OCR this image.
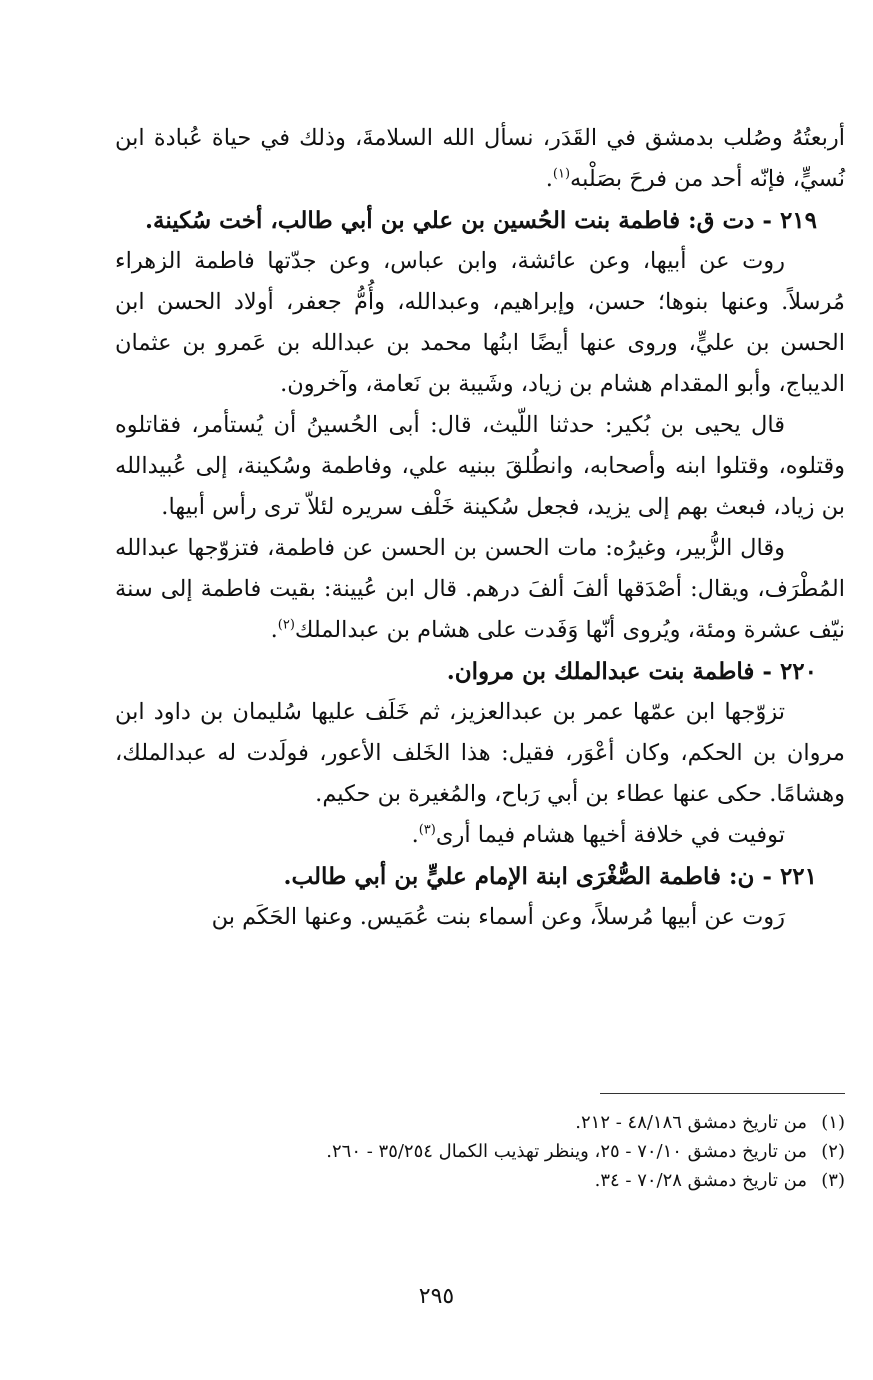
أربعتُهُ وصُلب بدمشق في القَدَر، نسأل الله السلامةَ، وذلك في حياة عُبادة ابن نُسيٍّ، فإنّه أحد من فرحَ بصَلْبه$^{(١)}$.

٢١٩ - دت ق: فاطمة بنت الحُسين بن علي بن أبي طالب، أخت سُكينة.

روت عن أبيها، وعن عائشة، وابن عباس، وعن جدّتها فاطمة الزهراء مُرسلاً. وعنها بنوها؛ حسن، وإبراهيم، وعبدالله، وأُمُّ جعفر، أولاد الحسن ابن الحسن بن عليٍّ، وروى عنها أيضًا ابنُها محمد بن عبدالله بن عَمرو بن عثمان الديباج، وأبو المقدام هشام بن زياد، وشَيبة بن نَعامة، وآخرون.

قال يحيى بن بُكير: حدثنا اللّيث، قال: أبى الحُسينُ أن يُستأمر، فقاتلوه وقتلوه، وقتلوا ابنه وأصحابه، وانطُلقَ ببنيه علي، وفاطمة وسُكينة، إلى عُبيدالله بن زياد، فبعث بهم إلى يزيد، فجعل سُكينة خَلْف سريره لئلاّ ترى رأس أبيها.

وقال الزُّبير، وغيرُه: مات الحسن بن الحسن عن فاطمة، فتزوّجها عبدالله المُطْرَف، ويقال: أصْدَقها ألفَ ألفَ درهم. قال ابن عُيينة: بقيت فاطمة إلى سنة نيّف عشرة ومئة، ويُروى أنّها وَفَدت على هشام بن عبدالملك$^{(٢)}$.

٢٢٠ - فاطمة بنت عبدالملك بن مروان.

تزوّجها ابن عمّها عمر بن عبدالعزيز، ثم خَلَف عليها سُليمان بن داود ابن مروان بن الحكم، وكان أعْوَر، فقيل: هذا الخَلف الأعور، فولَدت له عبدالملك، وهشامًا. حكى عنها عطاء بن أبي رَباح، والمُغيرة بن حكيم.

توفيت في خلافة أخيها هشام فيما أرى$^{(٣)}$.

٢٢١ - ن: فاطمة الصُّغْرَى ابنة الإمام عليٍّ بن أبي طالب.

رَوت عن أبيها مُرسلاً، وعن أسماء بنت عُمَيس. وعنها الحَكَم بن

(١)من تاريخ دمشق ٤٨/١٨٦ - ٢١٢.

(٢)من تاريخ دمشق ٧٠/١٠ - ٢٥، وينظر تهذيب الكمال ٣٥/٢٥٤ - ٢٦٠.

(٣)من تاريخ دمشق ٧٠/٢٨ - ٣٤.

٢٩٥
